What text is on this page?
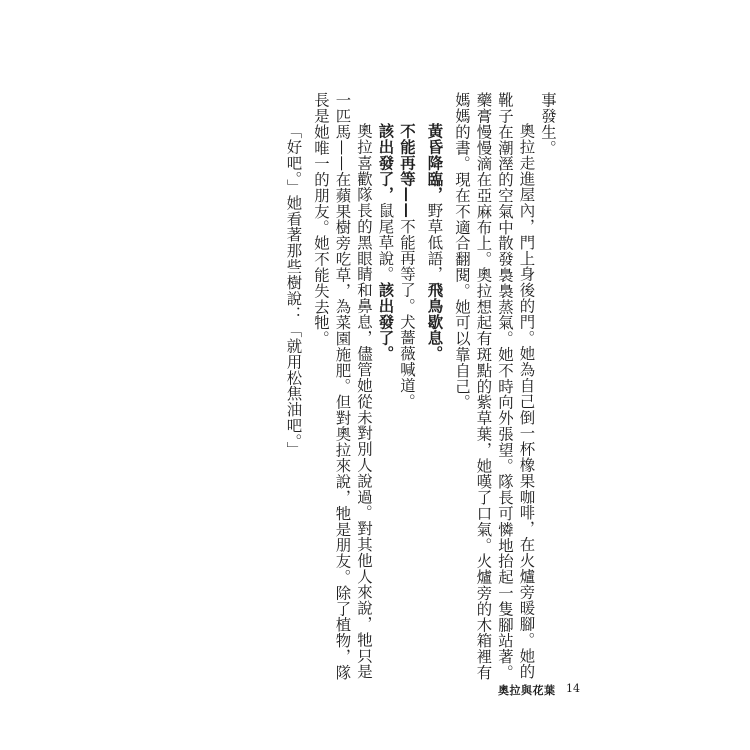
事發生。

奧拉走進屋內，門上身後的門。她為自己倒一杯橡果咖啡，在火爐旁暖腳。她的靴子在潮溼的空氣中散發裊裊蒸氣。她不時向外張望。隊長可憐地抬起一隻腳站著。藥膏慢慢滴在亞麻布上。奧拉想起有斑點的紫草葉，她嘆了口氣。火爐旁的木箱裡有媽媽的書。現在不適合翻閱。她可以靠自己。

黃昏降臨，野草低語，飛鳥歇息。

不能再等——不能再等了。犬薔薇喊道。

該出發了，鼠尾草說。該出發了。

奧拉喜歡隊長的黑眼睛和鼻息，儘管她從未對別人說過。對其他人來說，牠只是一匹馬——在蘋果樹旁吃草，為菜園施肥。但對奧拉來說，牠是朋友。除了植物，隊長是她唯一的朋友。她不能失去牠。

「好吧。」她看著那些樹說：「就用松焦油吧。」

奧拉與花葉 14
